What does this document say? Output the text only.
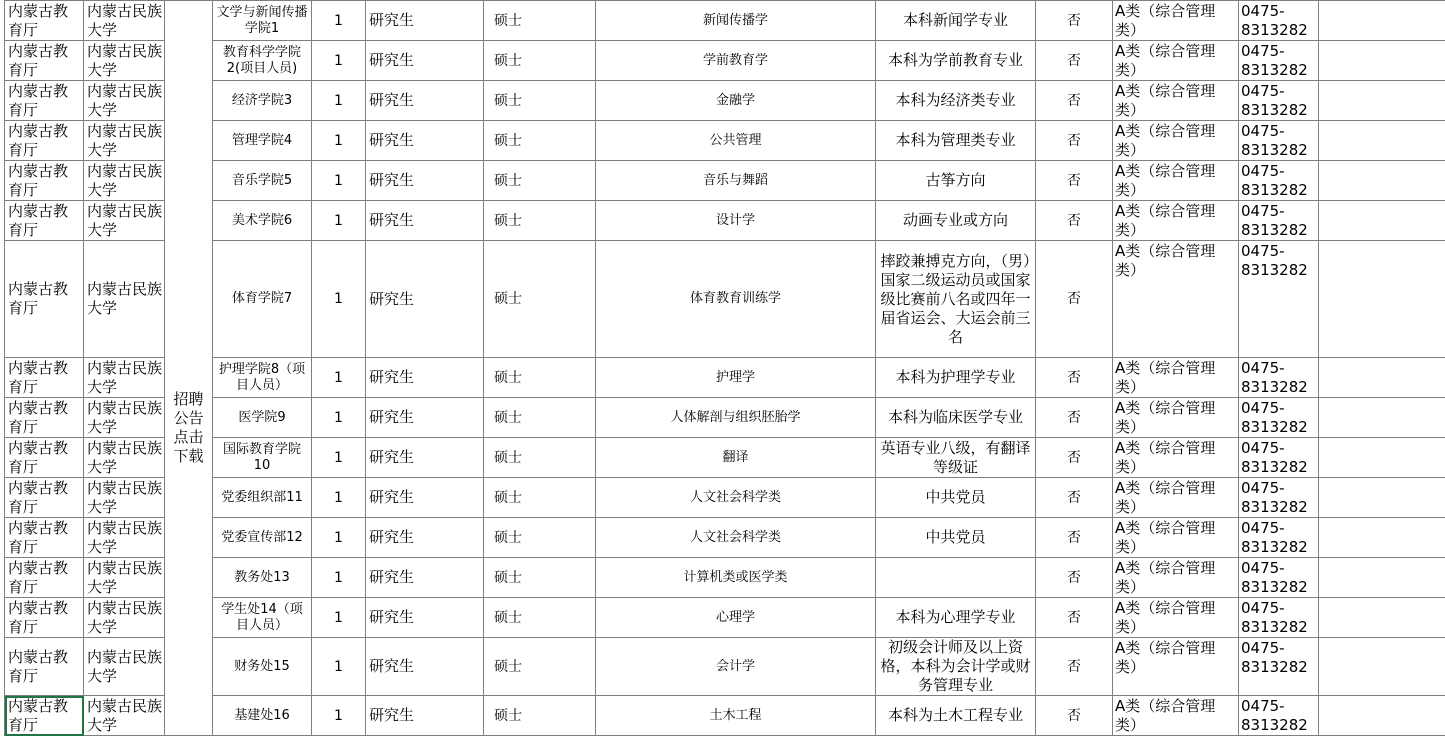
内蒙古教育厅	内蒙古民族大学	招聘公告点击下载	文学与新闻传播学院1	1	研究生	硕士	新闻传播学	本科新闻学专业	否	A类（综合管理类）	0475-8313282	
内蒙古教育厅	内蒙古民族大学		教育科学学院2(项目人员)	1	研究生	硕士	学前教育学	本科为学前教育专业	否	A类（综合管理类）	0475-8313282	
内蒙古教育厅	内蒙古民族大学		经济学院3	1	研究生	硕士	金融学	本科为经济类专业	否	A类（综合管理类）	0475-8313282	
内蒙古教育厅	内蒙古民族大学		管理学院4	1	研究生	硕士	公共管理	本科为管理类专业	否	A类（综合管理类）	0475-8313282	
内蒙古教育厅	内蒙古民族大学		音乐学院5	1	研究生	硕士	音乐与舞蹈	古筝方向	否	A类（综合管理类）	0475-8313282	
内蒙古教育厅	内蒙古民族大学		美术学院6	1	研究生	硕士	设计学	动画专业或方向	否	A类（综合管理类）	0475-8313282	
内蒙古教育厅	内蒙古民族大学		体育学院7	1	研究生	硕士	体育教育训练学	摔跤兼搏克方向，（男）国家二级运动员或国家级比赛前八名或四年一届省运会、大运会前三名	否	A类（综合管理类）	0475-8313282	
内蒙古教育厅	内蒙古民族大学		护理学院8（项目人员）	1	研究生	硕士	护理学	本科为护理学专业	否	A类（综合管理类）	0475-8313282	
内蒙古教育厅	内蒙古民族大学		医学院9	1	研究生	硕士	人体解剖与组织胚胎学	本科为临床医学专业	否	A类（综合管理类）	0475-8313282	
内蒙古教育厅	内蒙古民族大学		国际教育学院10	1	研究生	硕士	翻译	英语专业八级，有翻译等级证	否	A类（综合管理类）	0475-8313282	
内蒙古教育厅	内蒙古民族大学		党委组织部11	1	研究生	硕士	人文社会科学类	中共党员	否	A类（综合管理类）	0475-8313282	
内蒙古教育厅	内蒙古民族大学		党委宣传部12	1	研究生	硕士	人文社会科学类	中共党员	否	A类（综合管理类）	0475-8313282	
内蒙古教育厅	内蒙古民族大学		教务处13	1	研究生	硕士	计算机类或医学类		否	A类（综合管理类）	0475-8313282	
内蒙古教育厅	内蒙古民族大学		学生处14（项目人员）	1	研究生	硕士	心理学	本科为心理学专业	否	A类（综合管理类）	0475-8313282	
内蒙古教育厅	内蒙古民族大学		财务处15	1	研究生	硕士	会计学	初级会计师及以上资格，本科为会计学或财务管理专业	否	A类（综合管理类）	0475-8313282	
内蒙古教育厅	内蒙古民族大学		基建处16	1	研究生	硕士	土木工程	本科为土木工程专业	否	A类（综合管理类）	0475-8313282	
